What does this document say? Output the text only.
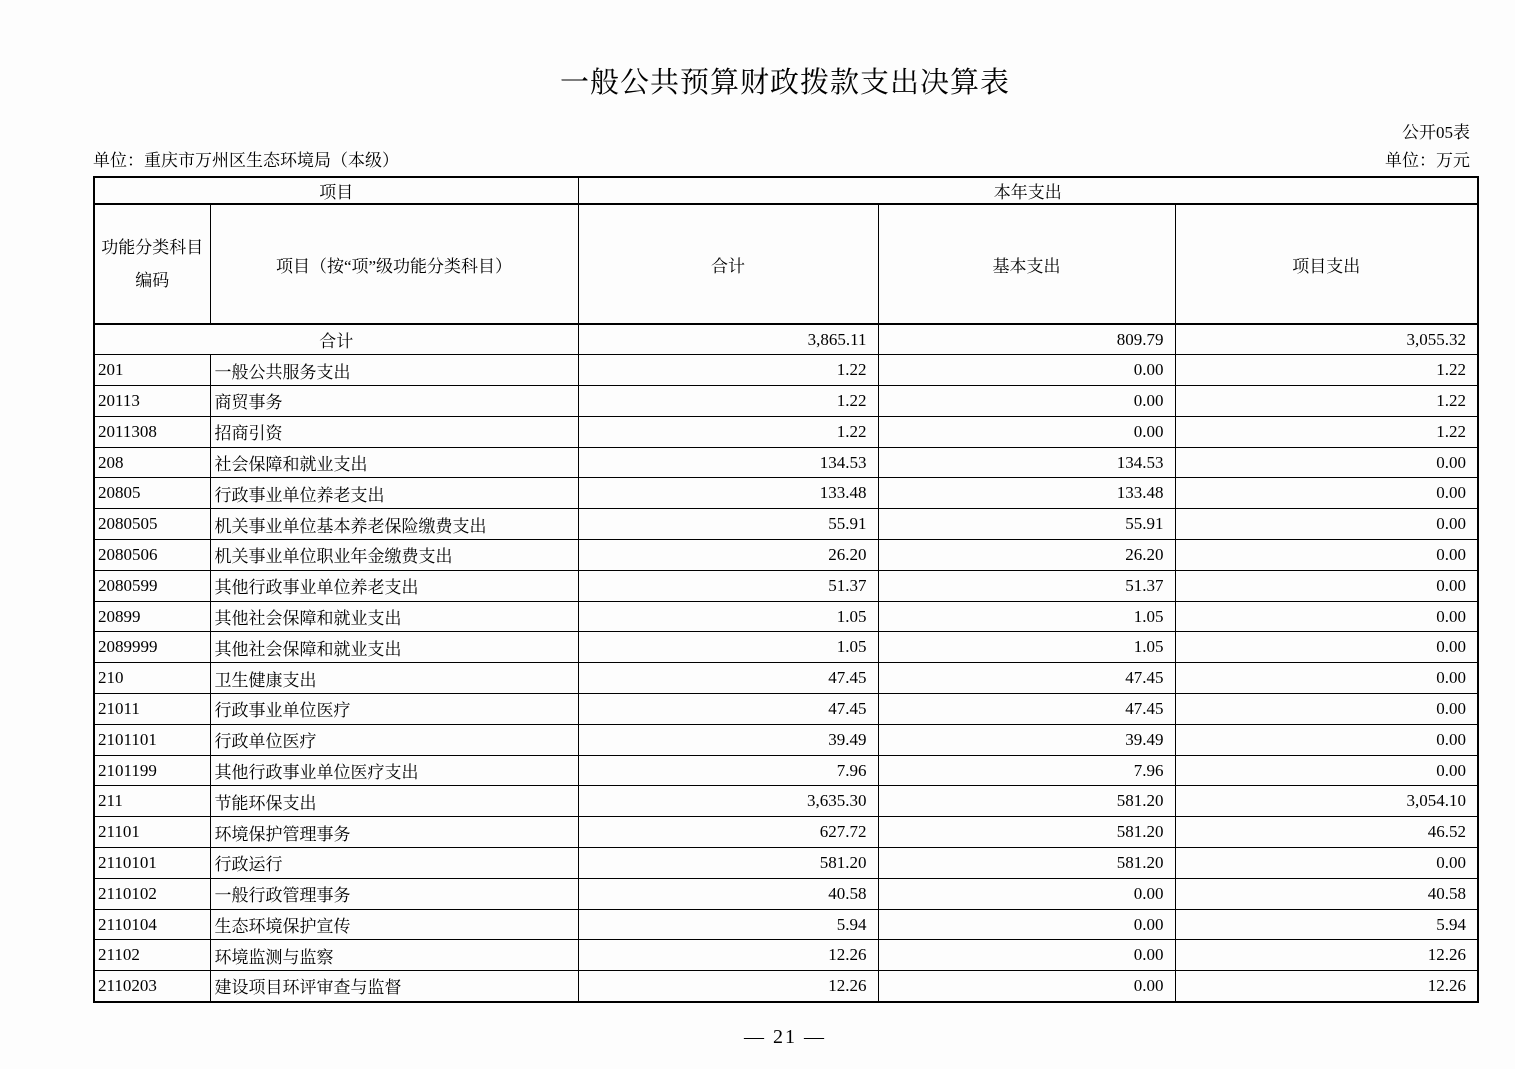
一般公共预算财政拨款支出决算表
公开05表
单位：重庆市万州区生态环境局（本级）	单位：万元
项目		本年支出		

功能分类科目
编码	项目（按“项”级功能分类科目）	合计	基本支出	项目支出
合计		3,865.11	809.79	3,055.32
201	一般公共服务支出	1.22	0.00	1.22
20113	商贸事务	1.22	0.00	1.22
2011308	招商引资	1.22	0.00	1.22
208	社会保障和就业支出	134.53	134.53	0.00
20805	行政事业单位养老支出	133.48	133.48	0.00
2080505	机关事业单位基本养老保险缴费支出	55.91	55.91	0.00
2080506	机关事业单位职业年金缴费支出	26.20	26.20	0.00
2080599	其他行政事业单位养老支出	51.37	51.37	0.00
20899	其他社会保障和就业支出	1.05	1.05	0.00
2089999	其他社会保障和就业支出	1.05	1.05	0.00
210	卫生健康支出	47.45	47.45	0.00
21011	行政事业单位医疗	47.45	47.45	0.00
2101101	行政单位医疗	39.49	39.49	0.00
2101199	其他行政事业单位医疗支出	7.96	7.96	0.00
211	节能环保支出	3,635.30	581.20	3,054.10
21101	环境保护管理事务	627.72	581.20	46.52
2110101	行政运行	581.20	581.20	0.00
2110102	一般行政管理事务	40.58	0.00	40.58
2110104	生态环境保护宣传	5.94	0.00	5.94
21102	环境监测与监察	12.26	0.00	12.26
2110203	建设项目环评审查与监督	12.26	0.00	12.26
— 21 —
